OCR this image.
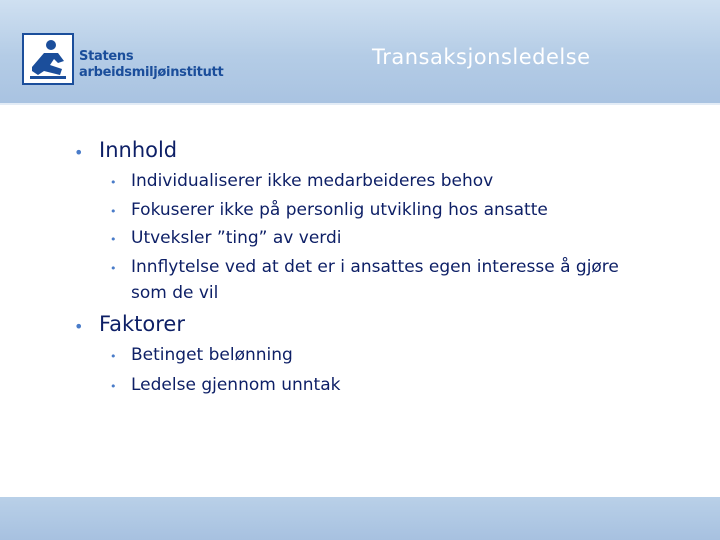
Statens
arbeidsmiljøinstitutt
Transaksjonsledelse
• Innhold
• Individualiserer ikke medarbeideres behov
• Fokuserer ikke på personlig utvikling hos ansatte
• Utveksler ”ting” av verdi
• Innflytelse ved at det er i ansattes egen interesse å gjøre som de vil
• Faktorer
• Betinget belønning
• Ledelse gjennom unntak
